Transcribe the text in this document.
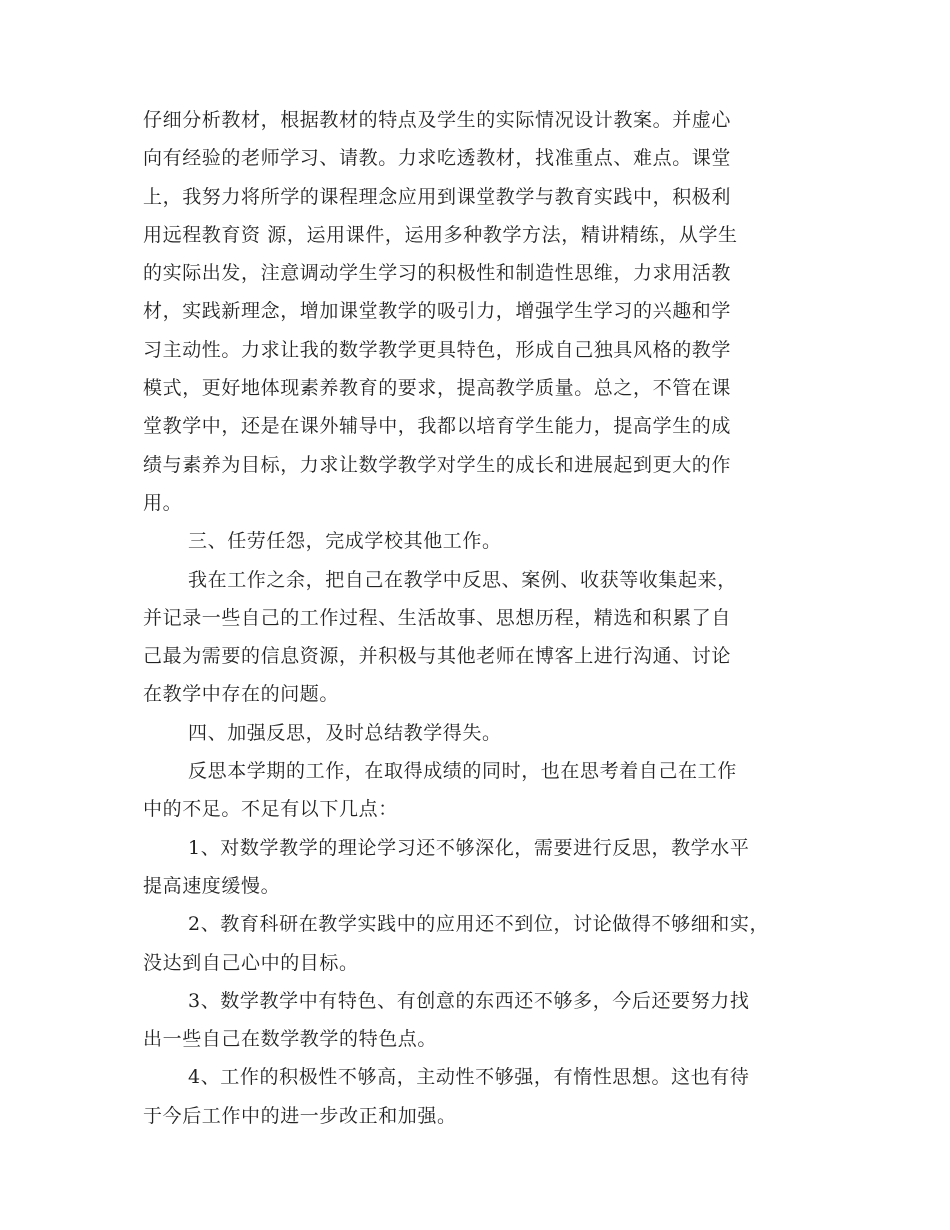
仔细分析教材，根据教材的特点及学生的实际情况设计教案。并虚心
向有经验的老师学习、请教。力求吃透教材，找准重点、难点。课堂
上，我努力将所学的课程理念应用到课堂教学与教育实践中，积极利
用远程教育资 源，运用课件，运用多种教学方法，精讲精练，从学生
的实际出发，注意调动学生学习的积极性和制造性思维，力求用活教
材，实践新理念，增加课堂教学的吸引力，增强学生学习的兴趣和学
习主动性。力求让我的数学教学更具特色，形成自己独具风格的教学
模式，更好地体现素养教育的要求，提高教学质量。总之，不管在课
堂教学中，还是在课外辅导中，我都以培育学生能力，提高学生的成
绩与素养为目标，力求让数学教学对学生的成长和进展起到更大的作
用。
三、任劳任怨，完成学校其他工作。
我在工作之余，把自己在教学中反思、案例、收获等收集起来，
并记录一些自己的工作过程、生活故事、思想历程，精选和积累了自
己最为需要的信息资源，并积极与其他老师在博客上进行沟通、讨论
在教学中存在的问题。
四、加强反思，及时总结教学得失。
反思本学期的工作，在取得成绩的同时，也在思考着自己在工作
中的不足。不足有以下几点：
1、对数学教学的理论学习还不够深化，需要进行反思，教学水平
提高速度缓慢。
2、教育科研在教学实践中的应用还不到位，讨论做得不够细和实，
没达到自己心中的目标。
3、数学教学中有特色、有创意的东西还不够多，今后还要努力找
出一些自己在数学教学的特色点。
4、工作的积极性不够高，主动性不够强，有惰性思想。这也有待
于今后工作中的进一步改正和加强。
